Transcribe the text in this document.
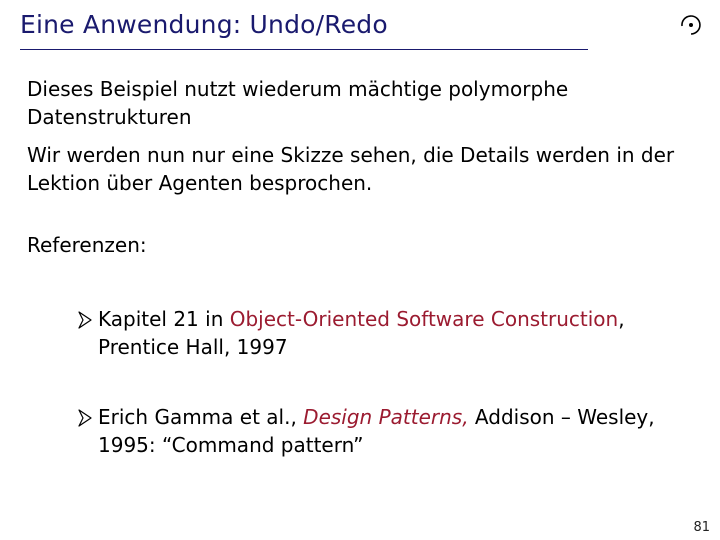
Eine Anwendung: Undo/Redo
Dieses Beispiel nutzt wiederum mächtige polymorphe Datenstrukturen
Wir werden nun nur eine Skizze sehen, die Details werden in der Lektion über Agenten besprochen.
Referenzen:
Kapitel 21 in Object-Oriented Software Construction, Prentice Hall, 1997
Erich Gamma et al., Design Patterns, Addison – Wesley, 1995: “Command pattern”
81
